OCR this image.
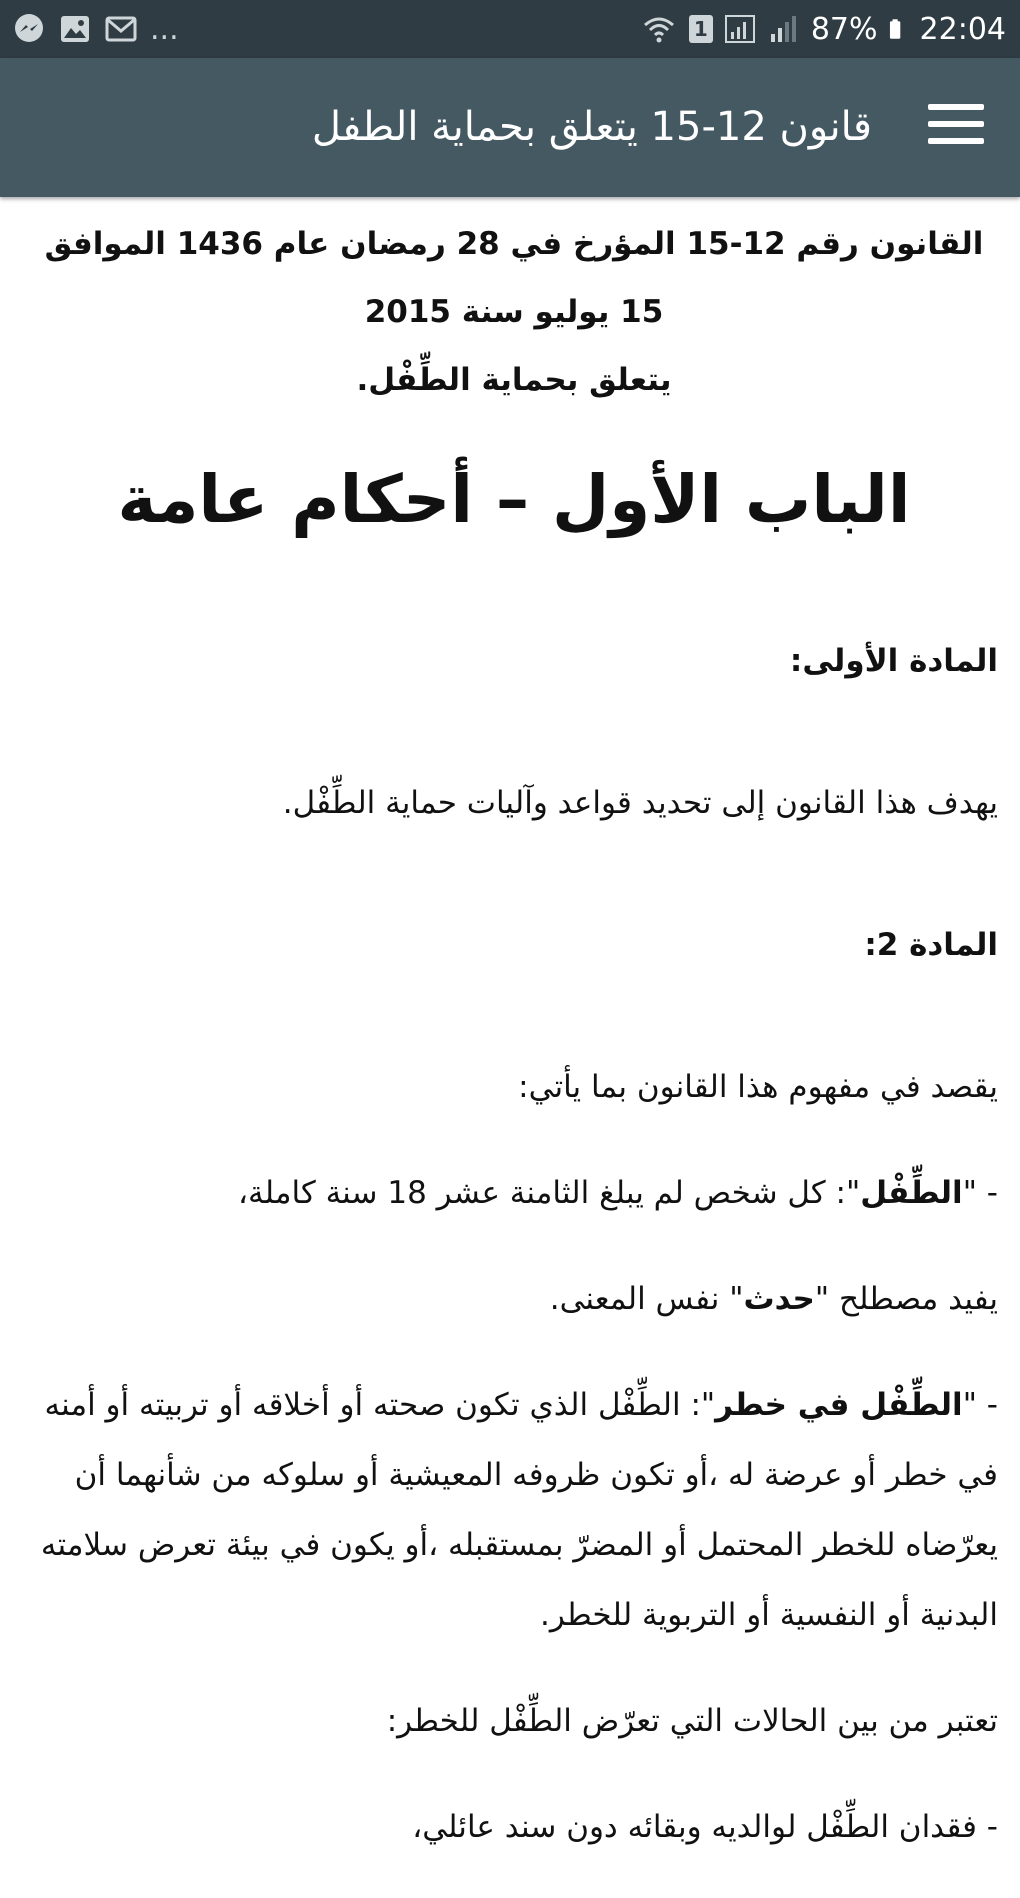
...	1	87% 22:04
قانون 12-15 يتعلق بحماية الطفل

القانون رقم 12-15 المؤرخ في 28 رمضان عام 1436 الموافق 15 يوليو سنة 2015

يتعلق بحماية الطِّفْل.

الباب الأول – أحكام عامة

المادة الأولى:

يهدف هذا القانون إلى تحديد قواعد وآليات حماية الطِّفْل.

المادة 2:

يقصد في مفهوم هذا القانون بما يأتي:

- "الطِّفْل": كل شخص لم يبلغ الثامنة عشر 18 سنة كاملة،

يفيد مصطلح "حدث" نفس المعنى.

- "الطِّفْل في خطر": الطِّفْل الذي تكون صحته أو أخلاقه أو تربيته أو أمنه في خطر أو عرضة له ،أو تكون ظروفه المعيشية أو سلوكه من شأنهما أن يعرّضاه للخطر المحتمل أو المضرّ بمستقبله ،أو يكون في بيئة تعرض سلامته البدنية أو النفسية أو التربوية للخطر.

تعتبر من بين الحالات التي تعرّض الطِّفْل للخطر:

- فقدان الطِّفْل لوالديه وبقائه دون سند عائلي،
